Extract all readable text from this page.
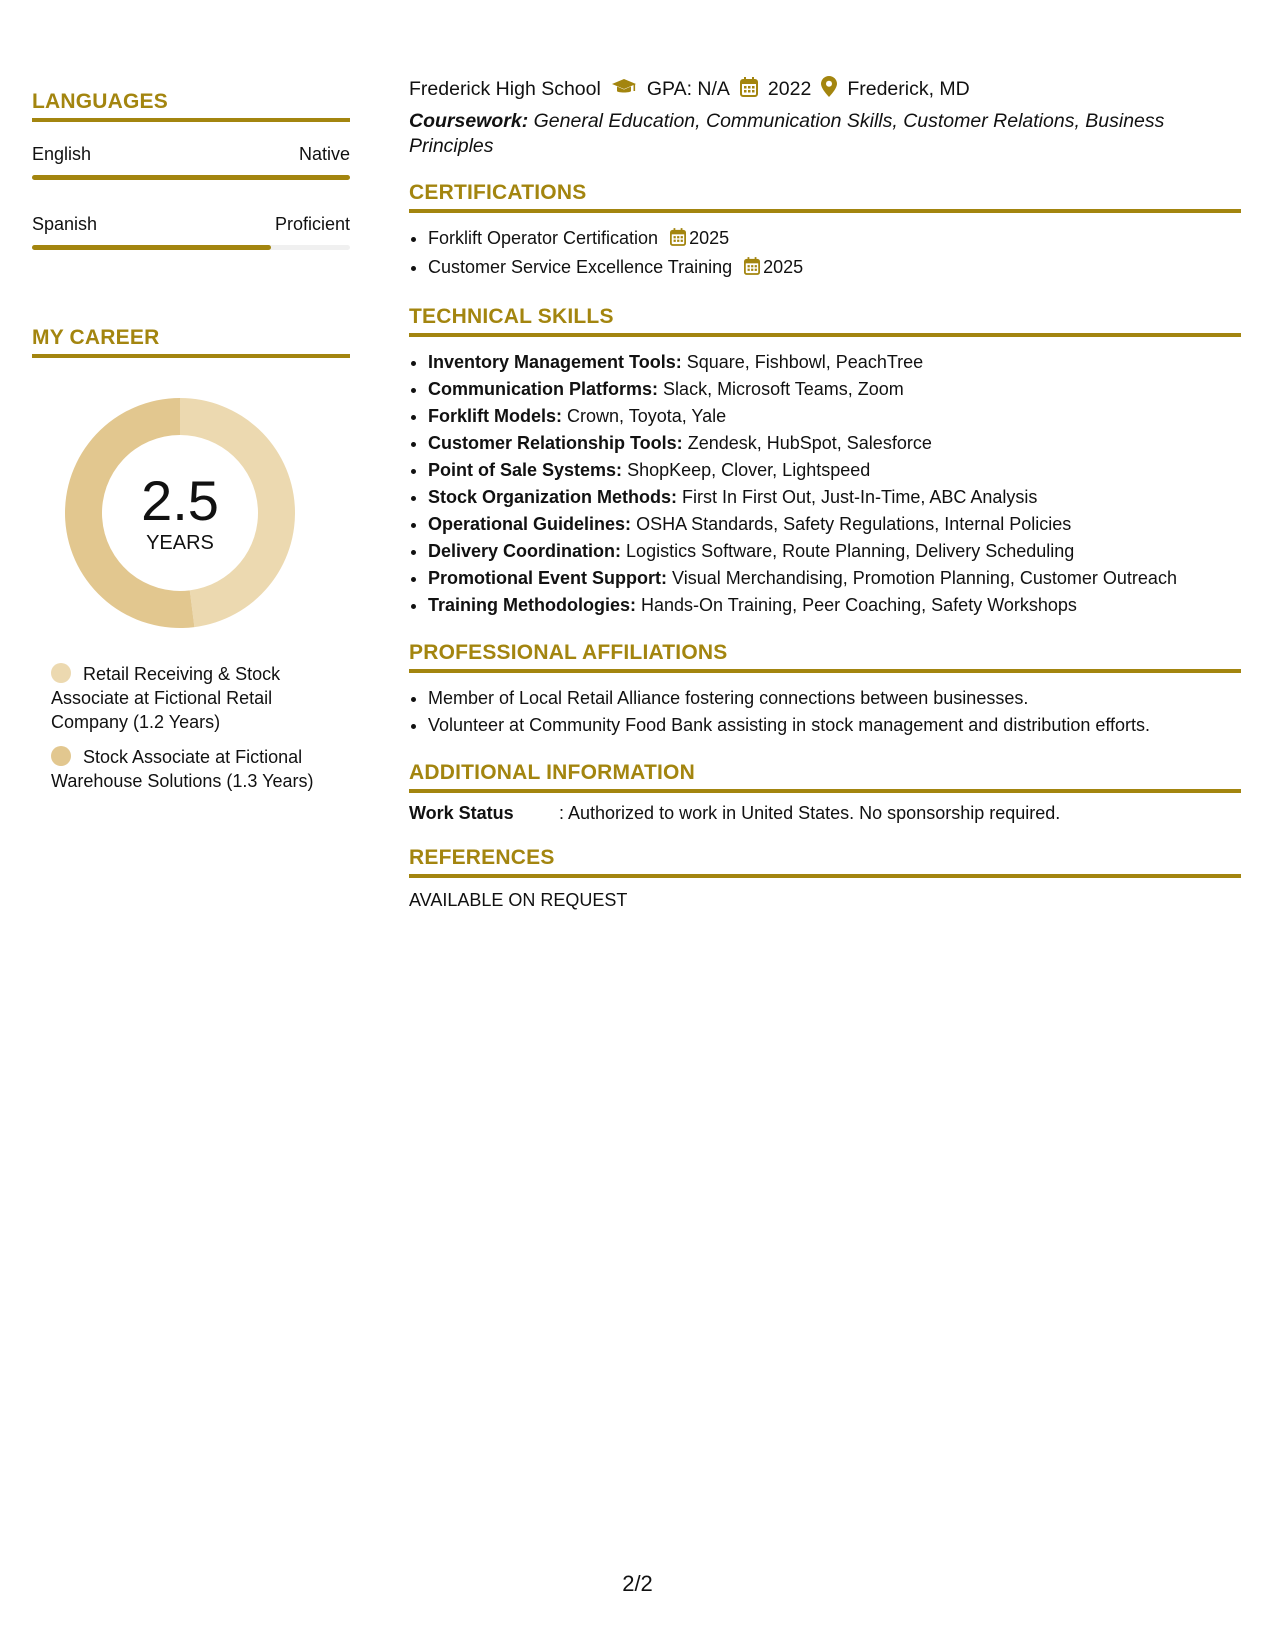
LANGUAGES
English	Native
Spanish	Proficient
MY CAREER
2.5
YEARS
Retail Receiving & Stock Associate at Fictional Retail Company (1.2 Years)
Stock Associate at Fictional Warehouse Solutions (1.3 Years)
Frederick High School GPA: N/A 2022 Frederick, MD
Coursework: General Education, Communication Skills, Customer Relations, Business Principles
CERTIFICATIONS
• Forklift Operator Certification 2025
• Customer Service Excellence Training 2025
TECHNICAL SKILLS
• Inventory Management Tools: Square, Fishbowl, PeachTree
• Communication Platforms: Slack, Microsoft Teams, Zoom
• Forklift Models: Crown, Toyota, Yale
• Customer Relationship Tools: Zendesk, HubSpot, Salesforce
• Point of Sale Systems: ShopKeep, Clover, Lightspeed
• Stock Organization Methods: First In First Out, Just-In-Time, ABC Analysis
• Operational Guidelines: OSHA Standards, Safety Regulations, Internal Policies
• Delivery Coordination: Logistics Software, Route Planning, Delivery Scheduling
• Promotional Event Support: Visual Merchandising, Promotion Planning, Customer Outreach
• Training Methodologies: Hands-On Training, Peer Coaching, Safety Workshops
PROFESSIONAL AFFILIATIONS
• Member of Local Retail Alliance fostering connections between businesses.
• Volunteer at Community Food Bank assisting in stock management and distribution efforts.
ADDITIONAL INFORMATION
Work Status	: Authorized to work in United States. No sponsorship required.
REFERENCES
AVAILABLE ON REQUEST
2/2
